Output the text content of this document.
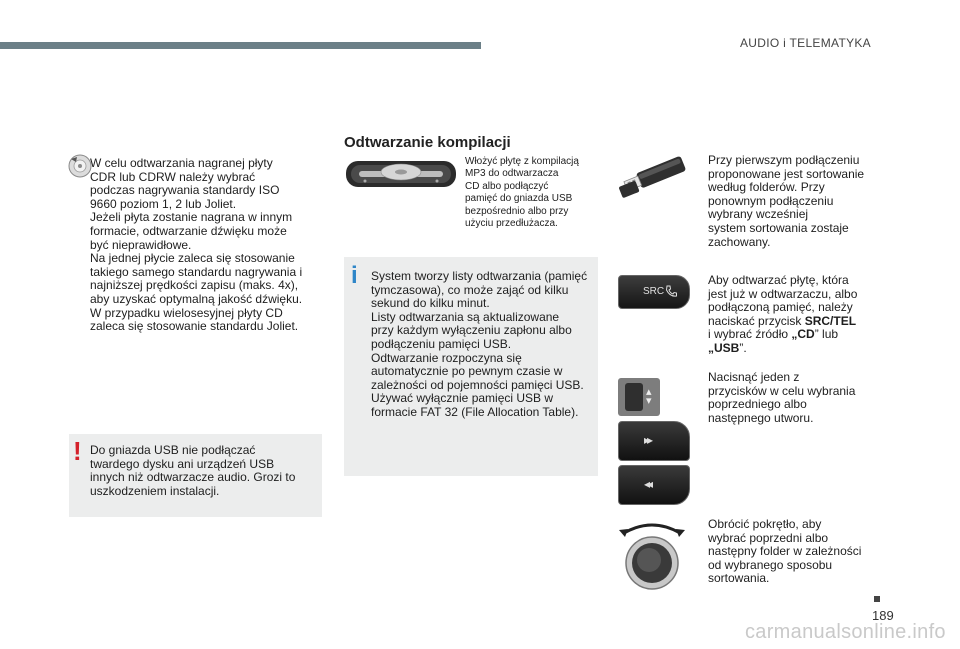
AUDIO i TELEMATYKA
W celu odtwarzania nagranej płyty
CDR lub CDRW należy wybrać
podczas nagrywania standardy ISO
9660 poziom 1, 2 lub Joliet.
Jeżeli płyta zostanie nagrana w innym
formacie, odtwarzanie dźwięku może
być nieprawidłowe.
Na jednej płycie zaleca się stosowanie
takiego samego standardu nagrywania i
najniższej prędkości zapisu (maks. 4x),
aby uzyskać optymalną jakość dźwięku.
W przypadku wielosesyjnej płyty CD
zaleca się stosowanie standardu Joliet.
! Do gniazda USB nie podłączać
twardego dysku ani urządzeń USB
innych niż odtwarzacze audio. Grozi to
uszkodzeniem instalacji.
Odtwarzanie kompilacji
Włożyć płytę z kompilacją
MP3 do odtwarzacza
CD albo podłączyć
pamięć do gniazda USB
bezpośrednio albo przy
użyciu przedłużacza.
i System tworzy listy odtwarzania (pamięć
tymczasowa), co może zająć od kilku
sekund do kilku minut.
Listy odtwarzania są aktualizowane
przy każdym wyłączeniu zapłonu albo
podłączeniu pamięci USB.
Odtwarzanie rozpoczyna się
automatycznie po pewnym czasie w
zależności od pojemności pamięci USB.
Używać wyłącznie pamięci USB w
formacie FAT 32 (File Allocation Table).
Przy pierwszym podłączeniu
proponowane jest sortowanie
według folderów. Przy
ponownym podłączeniu
wybrany wcześniej
system sortowania zostaje
zachowany.
SRC
Aby odtwarzać płytę, która
jest już w odtwarzaczu, albo
podłączoną pamięć, należy
naciskać przycisk SRC/TEL
i wybrać źródło „CD” lub
„USB”.
▴
▾
Nacisnąć jeden z
przycisków w celu wybrania
poprzedniego albo
następnego utworu.
▸▸
◂◂
Obrócić pokrętło, aby
wybrać poprzedni albo
następny folder w zależności
od wybranego sposobu
sortowania.
189
carmanualsonline.info
